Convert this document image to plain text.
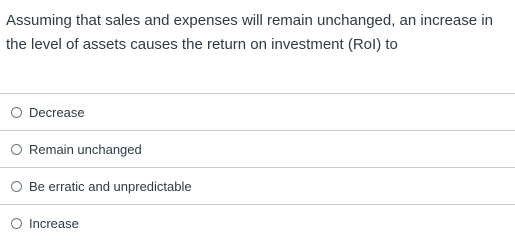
Assuming that sales and expenses will remain unchanged, an increase in the level of assets causes the return on investment (RoI) to
Decrease
Remain unchanged
Be erratic and unpredictable
Increase
